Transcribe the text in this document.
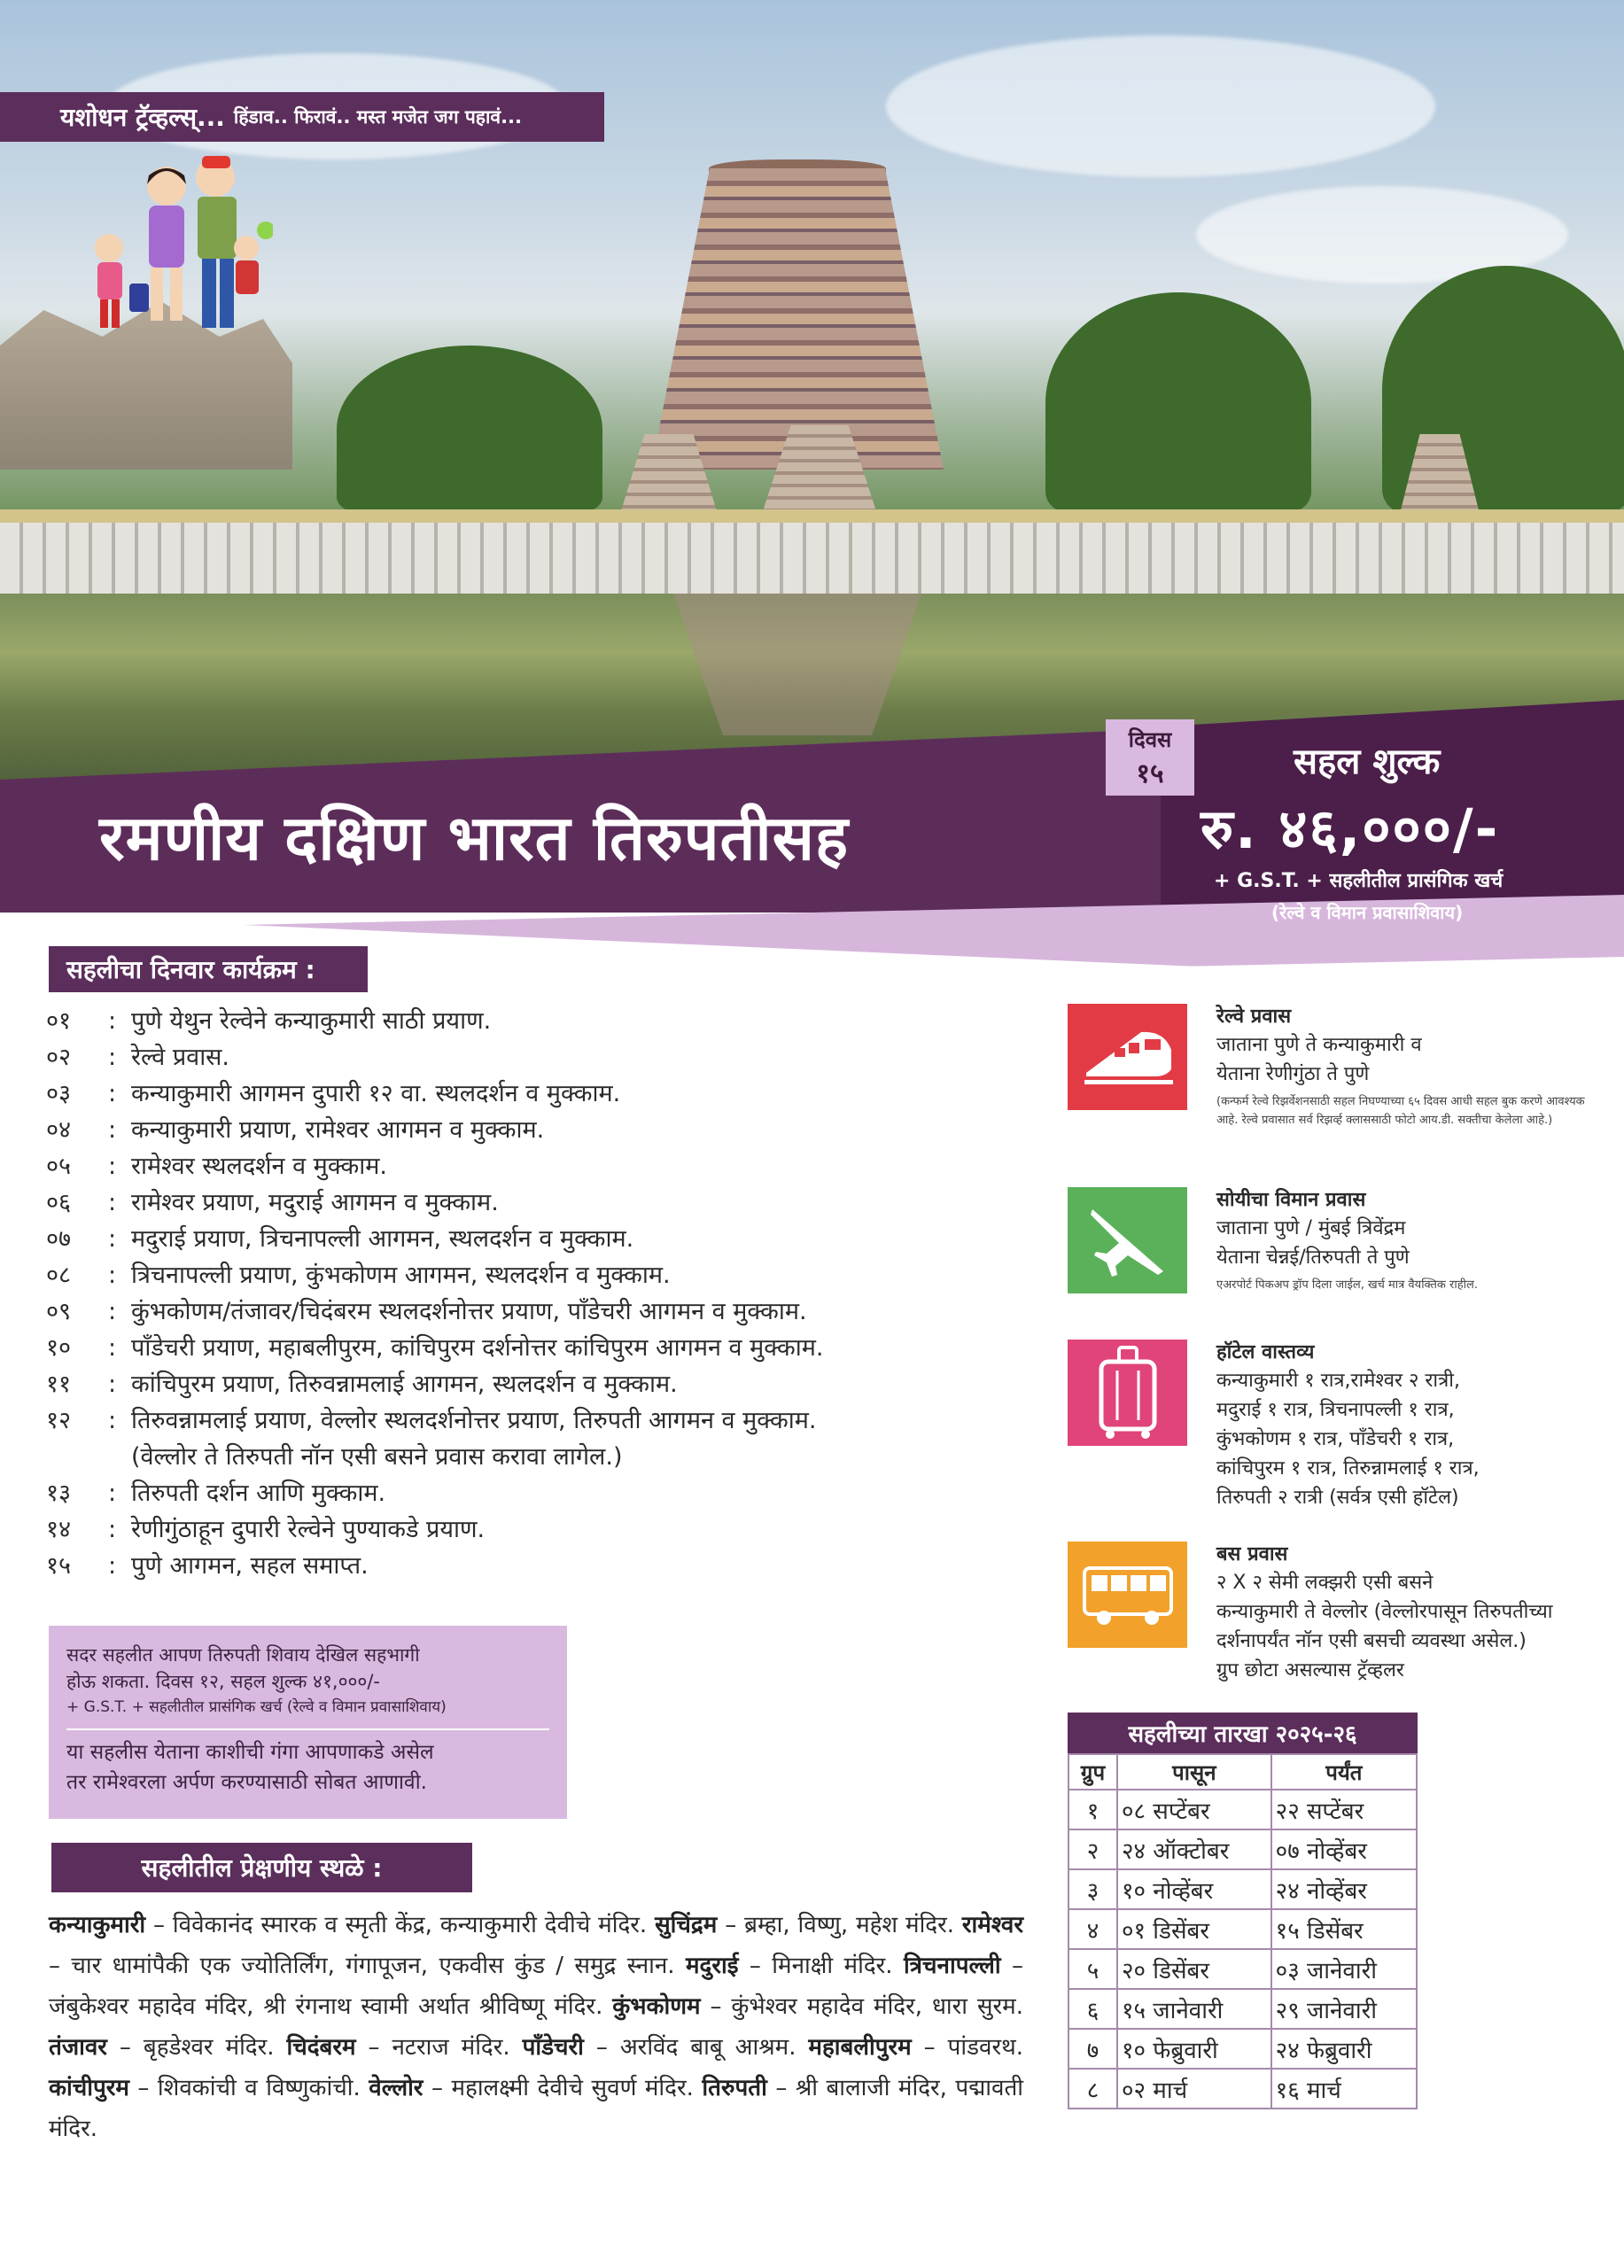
यशोधन ट्रॅव्हल्स्... हिंडाव.. फिरावं.. मस्त मजेत जग पहावं...
रमणीय दक्षिण भारत तिरुपतीसह
दिवस
१५	सहल शुल्क
रु. ४६,०००/-
+ G.S.T. + सहलीतील प्रासंगिक खर्च
(रेल्वे व विमान प्रवासाशिवाय)
सहलीचा दिनवार कार्यक्रम :
०१	: पुणे येथुन रेल्वेने कन्याकुमारी साठी प्रयाण.
०२	: रेल्वे प्रवास.
०३	: कन्याकुमारी आगमन दुपारी १२ वा. स्थलदर्शन व मुक्काम.
०४	: कन्याकुमारी प्रयाण, रामेश्वर आगमन व मुक्काम.
०५	: रामेश्वर स्थलदर्शन व मुक्काम.
०६	: रामेश्वर प्रयाण, मदुराई आगमन व मुक्काम.
०७	: मदुराई प्रयाण, त्रिचनापल्ली आगमन, स्थलदर्शन व मुक्काम.
०८	: त्रिचनापल्ली प्रयाण, कुंभकोणम आगमन, स्थलदर्शन व मुक्काम.
०९	: कुंभकोणम/तंजावर/चिदंबरम स्थलदर्शनोत्तर प्रयाण, पाँडेचरी आगमन व मुक्काम.
१०	: पाँडेचरी प्रयाण, महाबलीपुरम, कांचिपुरम दर्शनोत्तर कांचिपुरम आगमन व मुक्काम.
११	: कांचिपुरम प्रयाण, तिरुवन्नामलाई आगमन, स्थलदर्शन व मुक्काम.
१२	: तिरुवन्नामलाई प्रयाण, वेल्लोर स्थलदर्शनोत्तर प्रयाण, तिरुपती आगमन व मुक्काम.
(वेल्लोर ते तिरुपती नॉन एसी बसने प्रवास करावा लागेल.)
१३	: तिरुपती दर्शन आणि मुक्काम.
१४	: रेणीगुंठाहून दुपारी रेल्वेने पुण्याकडे प्रयाण.
१५	: पुणे आगमन, सहल समाप्त.
सदर सहलीत आपण तिरुपती शिवाय देखिल सहभागी
होऊ शकता. दिवस १२, सहल शुल्क ४१,०००/-
+ G.S.T. + सहलीतील प्रासंगिक खर्च (रेल्वे व विमान प्रवासाशिवाय)
या सहलीस येताना काशीची गंगा आपणाकडे असेल
तर रामेश्वरला अर्पण करण्यासाठी सोबत आणावी.
सहलीतील प्रेक्षणीय स्थळे :
कन्याकुमारी – विवेकानंद स्मारक व स्मृती केंद्र, कन्याकुमारी देवीचे मंदिर. सुचिंद्रम – ब्रम्हा, विष्णु, महेश मंदिर. रामेश्वर – चार धामांपैकी एक ज्योतिर्लिंग, गंगापूजन, एकवीस कुंड / समुद्र स्नान. मदुराई – मिनाक्षी मंदिर. त्रिचनापल्ली – जंबुकेश्वर महादेव मंदिर, श्री रंगनाथ स्वामी अर्थात श्रीविष्णू मंदिर. कुंभकोणम – कुंभेश्वर महादेव मंदिर, धारा सुरम. तंजावर – बृहडेश्वर मंदिर. चिदंबरम – नटराज मंदिर. पाँडेचरी – अरविंद बाबू आश्रम. महाबलीपुरम – पांडवरथ. कांचीपुरम – शिवकांची व विष्णुकांची. वेल्लोर – महालक्ष्मी देवीचे सुवर्ण मंदिर. तिरुपती – श्री बालाजी मंदिर, पद्मावती मंदिर.
रेल्वे प्रवास
जाताना पुणे ते कन्याकुमारी व
येताना रेणीगुंठा ते पुणे
(कन्फर्म रेल्वे रिझर्वेशनसाठी सहल निघण्याच्या ६५ दिवस आधी सहल बुक करणे आवश्यक आहे. रेल्वे प्रवासात सर्व रिझर्व्ह क्लाससाठी फोटो आय.डी. सक्तीचा केलेला आहे.)
सोयीचा विमान प्रवास
जाताना पुणे / मुंबई त्रिवेंद्रम
येताना चेन्नई/तिरुपती ते पुणे
एअरपोर्ट पिकअप ड्रॉप दिला जाईल, खर्च मात्र वैयक्तिक राहील.
हॉटेल वास्तव्य
कन्याकुमारी १ रात्र,रामेश्वर २ रात्री,
मदुराई १ रात्र, त्रिचनापल्ली १ रात्र,
कुंभकोणम १ रात्र, पाँडेचरी १ रात्र,
कांचिपुरम १ रात्र, तिरुन्नामलाई १ रात्र,
तिरुपती २ रात्री (सर्वत्र एसी हॉटेल)
बस प्रवास
२ X २ सेमी लक्झरी एसी बसने
कन्याकुमारी ते वेल्लोर (वेल्लोरपासून तिरुपतीच्या
दर्शनापर्यंत नॉन एसी बसची व्यवस्था असेल.)
ग्रुप छोटा असल्यास ट्रॅव्हलर
सहलीच्या तारखा २०२५-२६
ग्रुप	पासून	पर्यंत
१	०८ सप्टेंबर	२२ सप्टेंबर
२	२४ ऑक्टोबर	०७ नोव्हेंबर
३	१० नोव्हेंबर	२४ नोव्हेंबर
४	०१ डिसेंबर	१५ डिसेंबर
५	२० डिसेंबर	०३ जानेवारी
६	१५ जानेवारी	२९ जानेवारी
७	१० फेब्रुवारी	२४ फेब्रुवारी
८	०२ मार्च	१६ मार्च
